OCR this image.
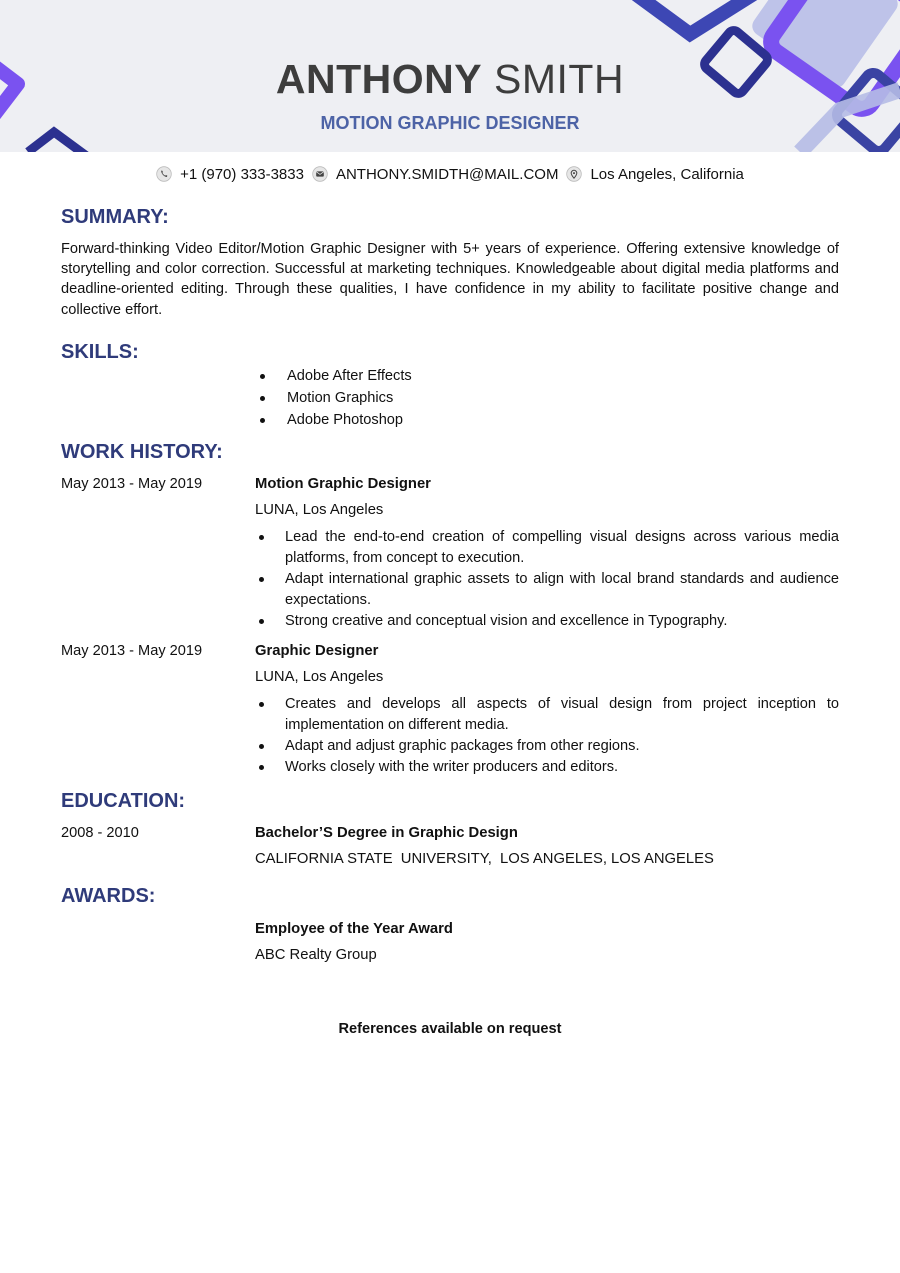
ANTHONY SMITH
MOTION GRAPHIC DESIGNER
+1 (970) 333-3833 ANTHONY.SMIDTH@MAIL.COM Los Angeles, California
SUMMARY:

Forward-thinking Video Editor/Motion Graphic Designer with 5+ years of experience. Offering extensive knowledge of storytelling and color correction. Successful at marketing techniques. Knowledgeable about digital media platforms and deadline-oriented editing. Through these qualities, I have confidence in my ability to facilitate positive change and collective effort.

SKILLS:
Adobe After Effects
Motion Graphics
Adobe Photoshop
WORK HISTORY:
May 2013 - May 2019	Motion Graphic Designer
LUNA, Los Angeles
Lead the end-to-end creation of compelling visual designs across various media platforms, from concept to execution.
Adapt international graphic assets to align with local brand standards and audience expectations.
Strong creative and conceptual vision and excellence in Typography.
May 2013 - May 2019	Graphic Designer
LUNA, Los Angeles
Creates and develops all aspects of visual design from project inception to implementation on different media.
Adapt and adjust graphic packages from other regions.
Works closely with the writer producers and editors.
EDUCATION:
2008 - 2010	Bachelor’S Degree in Graphic Design
CALIFORNIA STATE  UNIVERSITY,  LOS ANGELES, LOS ANGELES
AWARDS:
Employee of the Year Award
ABC Realty Group
References available on request
